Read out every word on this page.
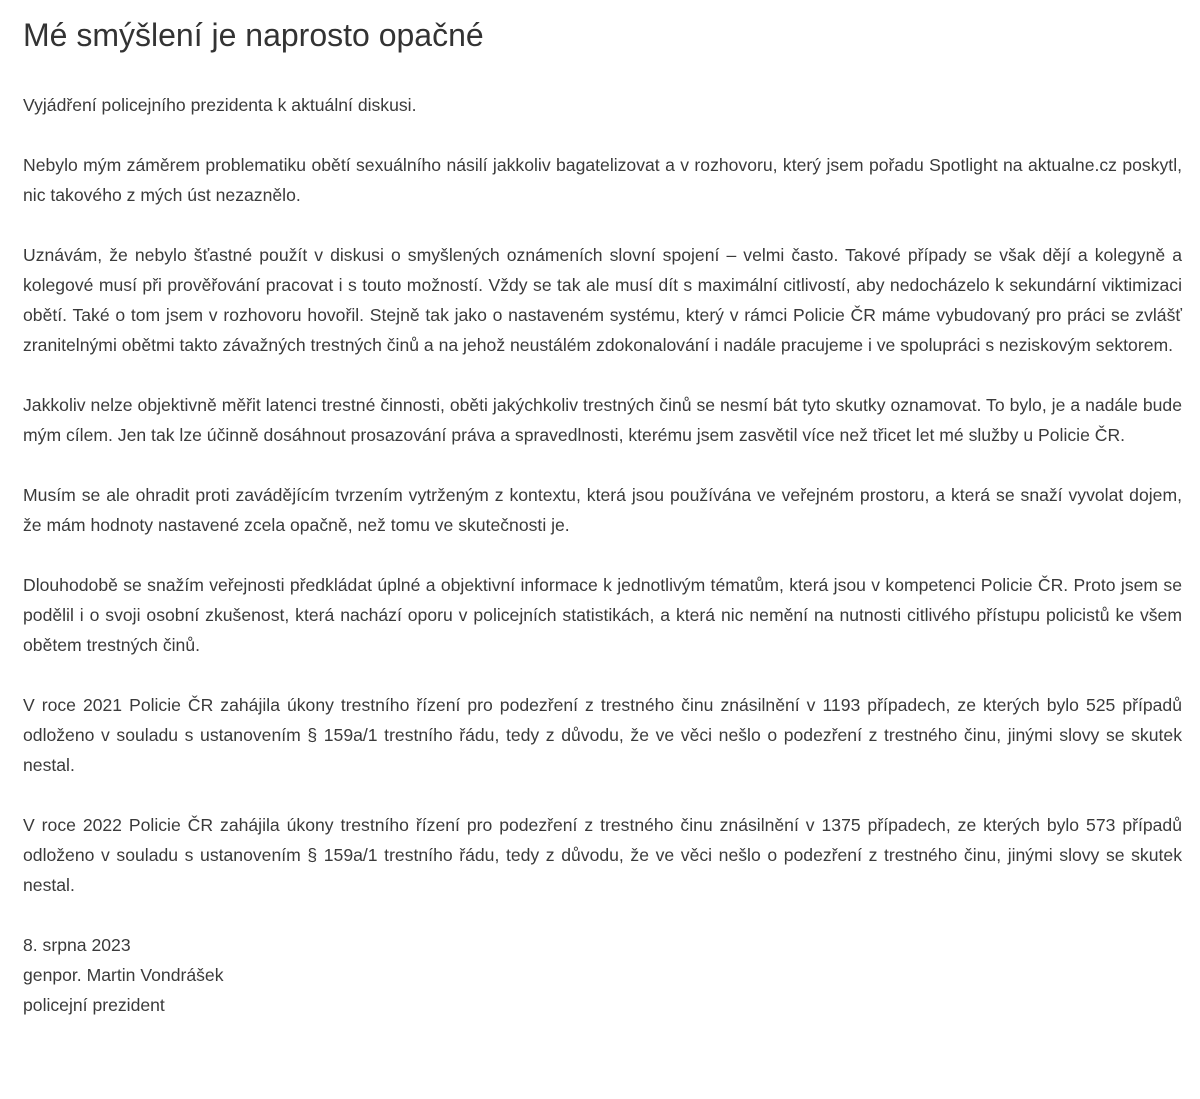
Mé smýšlení je naprosto opačné

Vyjádření policejního prezidenta k aktuální diskusi.

Nebylo mým záměrem problematiku obětí sexuálního násilí jakkoliv bagatelizovat a v rozhovoru, který jsem pořadu Spotlight na aktualne.cz poskytl, nic takového z mých úst nezaznělo.

Uznávám, že nebylo šťastné použít v diskusi o smyšlených oznámeních slovní spojení – velmi často. Takové případy se však dějí a kolegyně a kolegové musí při prověřování pracovat i s touto možností. Vždy se tak ale musí dít s maximální citlivostí, aby nedocházelo k sekundární viktimizaci obětí. Také o tom jsem v rozhovoru hovořil. Stejně tak jako o nastaveném systému, který v rámci Policie ČR máme vybudovaný pro práci se zvlášť zranitelnými obětmi takto závažných trestných činů a na jehož neustálém zdokonalování i nadále pracujeme i ve spolupráci s neziskovým sektorem.

Jakkoliv nelze objektivně měřit latenci trestné činnosti, oběti jakýchkoliv trestných činů se nesmí bát tyto skutky oznamovat. To bylo, je a nadále bude mým cílem. Jen tak lze účinně dosáhnout prosazování práva a spravedlnosti, kterému jsem zasvětil více než třicet let mé služby u Policie ČR.

Musím se ale ohradit proti zavádějícím tvrzením vytrženým z kontextu, která jsou používána ve veřejném prostoru, a která se snaží vyvolat dojem, že mám hodnoty nastavené zcela opačně, než tomu ve skutečnosti je.

Dlouhodobě se snažím veřejnosti předkládat úplné a objektivní informace k jednotlivým tématům, která jsou v kompetenci Policie ČR. Proto jsem se podělil i o svoji osobní zkušenost, která nachází oporu v policejních statistikách, a která nic nemění na nutnosti citlivého přístupu policistů ke všem obětem trestných činů.

V roce 2021 Policie ČR zahájila úkony trestního řízení pro podezření z trestného činu znásilnění v 1193 případech, ze kterých bylo 525 případů odloženo v souladu s ustanovením § 159a/1 trestního řádu, tedy z důvodu, že ve věci nešlo o podezření z trestného činu, jinými slovy se skutek nestal.

V roce 2022 Policie ČR zahájila úkony trestního řízení pro podezření z trestného činu znásilnění v 1375 případech, ze kterých bylo 573 případů odloženo v souladu s ustanovením § 159a/1 trestního řádu, tedy z důvodu, že ve věci nešlo o podezření z trestného činu, jinými slovy se skutek nestal.

8. srpna 2023
genpor. Martin Vondrášek
policejní prezident
